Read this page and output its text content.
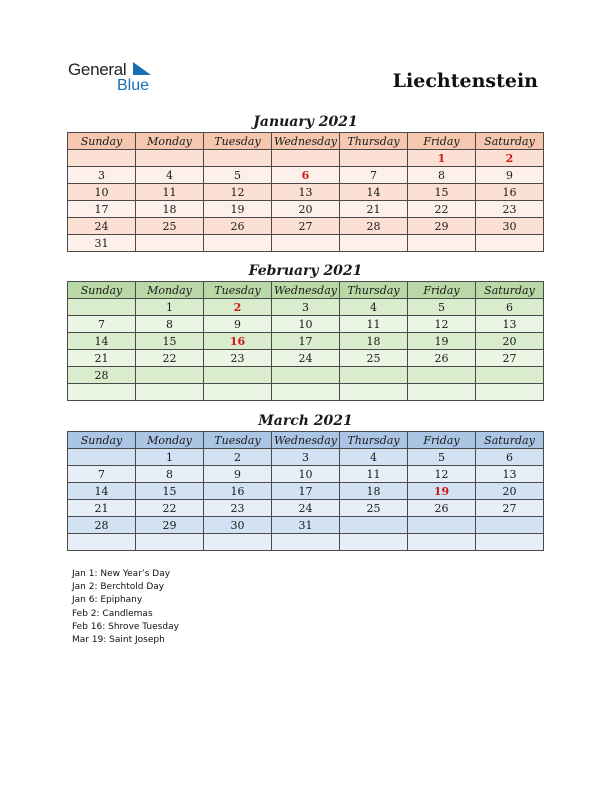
General
Blue	Liechtenstein
January 2021
Sunday	Monday	Tuesday	Wednesday	Thursday	Friday	Saturday
					1	2
3	4	5	6	7	8	9
10	11	12	13	14	15	16
17	18	19	20	21	22	23
24	25	26	27	28	29	30
31						
February 2021
Sunday	Monday	Tuesday	Wednesday	Thursday	Friday	Saturday
	1	2	3	4	5	6
7	8	9	10	11	12	13
14	15	16	17	18	19	20
21	22	23	24	25	26	27
28						

March 2021
Sunday	Monday	Tuesday	Wednesday	Thursday	Friday	Saturday
	1	2	3	4	5	6
7	8	9	10	11	12	13
14	15	16	17	18	19	20
21	22	23	24	25	26	27
28	29	30	31			

Jan 1: New Year’s Day
Jan 2: Berchtold Day
Jan 6: Epiphany
Feb 2: Candlemas
Feb 16: Shrove Tuesday
Mar 19: Saint Joseph
